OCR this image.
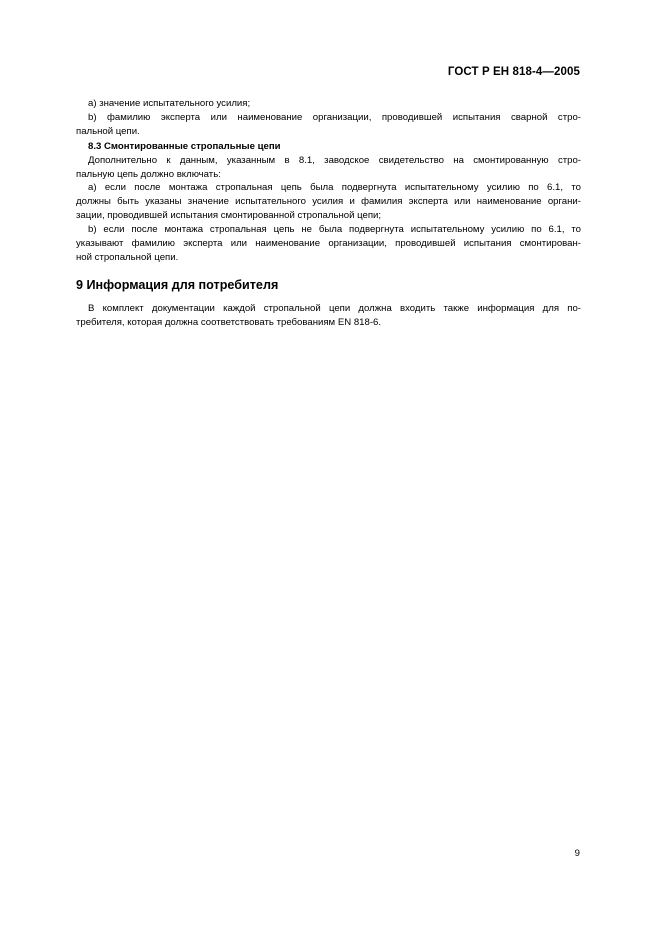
ГОСТ Р ЕН 818-4—2005
a) значение испытательного усилия;
b) фамилию эксперта или наименование организации, проводившей испытания сварной стро-
пальной цепи.
8.3 Смонтированные стропальные цепи
Дополнительно к данным, указанным в 8.1, заводское свидетельство на смонтированную стро-
пальную цепь должно включать:
a) если после монтажа стропальная цепь была подвергнута испытательному усилию по 6.1, то
должны быть указаны значение испытательного усилия и фамилия эксперта или наименование органи-
зации, проводившей испытания смонтированной стропальной цепи;
b) если после монтажа стропальная цепь не была подвергнута испытательному усилию по 6.1, то
указывают фамилию эксперта или наименование организации, проводившей испытания смонтирован-
ной стропальной цепи.
9 Информация для потребителя
В комплект документации каждой стропальной цепи должна входить также информация для по-
требителя, которая должна соответствовать требованиям EN 818-6.
9
